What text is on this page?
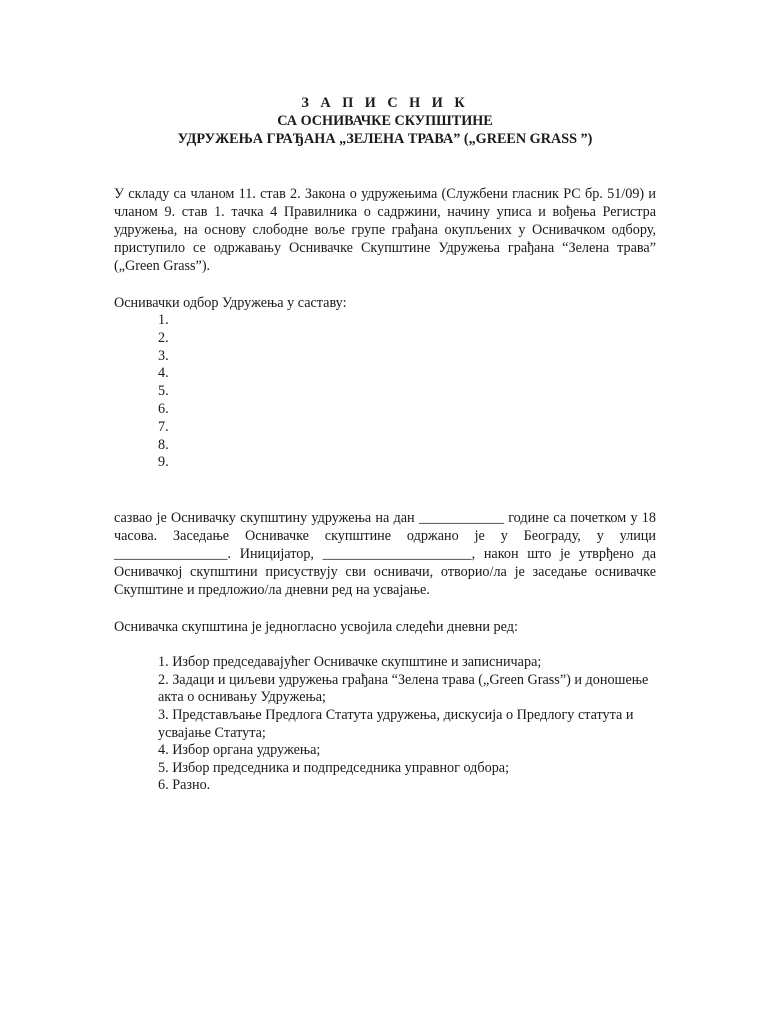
З А П И С Н И К
СА ОСНИВАЧКЕ СКУПШТИНЕ
УДРУЖЕЊА ГРАЂАНА „ЗЕЛЕНА ТРАВА” („GREEN GRASS ”)

У складу са чланом 11. став 2. Закона о удружењима (Службени гласник РС бр. 51/09) и чланом 9. став 1. тачка 4 Правилника о садржини, начину уписа и вођења Регистра удружења, на основу слободне воље групе грађана окупљених у Оснивачком одбору, приступило се одржавању Оснивачке Скупштине Удружења грађана “Зелена трава” („Green Grass”).

Оснивачки одбор Удружења у саставу:
1.
2.
3.
4.
5.
6.
7.
8.
9.

сазвао је Оснивачку скупштину удружења на дан ____________ године са почетком у 18 часова. Заседање Оснивачке скупштине одржано је у Београду, у улици ________________. Иницијатор, _____________________, након што је утврђено да Оснивачкој скупштини присуствују сви оснивачи, отворио/ла је заседање оснивачке Скупштине и предложио/ла дневни ред на усвајање.

Оснивачка скупштина је једногласно усвојила следећи дневни ред:
1. Избор председавајућег Оснивачке скупштине и записничара;
2. Задаци и циљеви удружења грађана “Зелена трава („Green Grass”) и доношење акта о оснивању Удружења;
3. Представљање Предлога Статута удружења, дискусија о Предлогу статута и усвајање Статута;
4. Избор органа удружења;
5. Избор председника и подпредседника управног одбора;
6. Разно.
